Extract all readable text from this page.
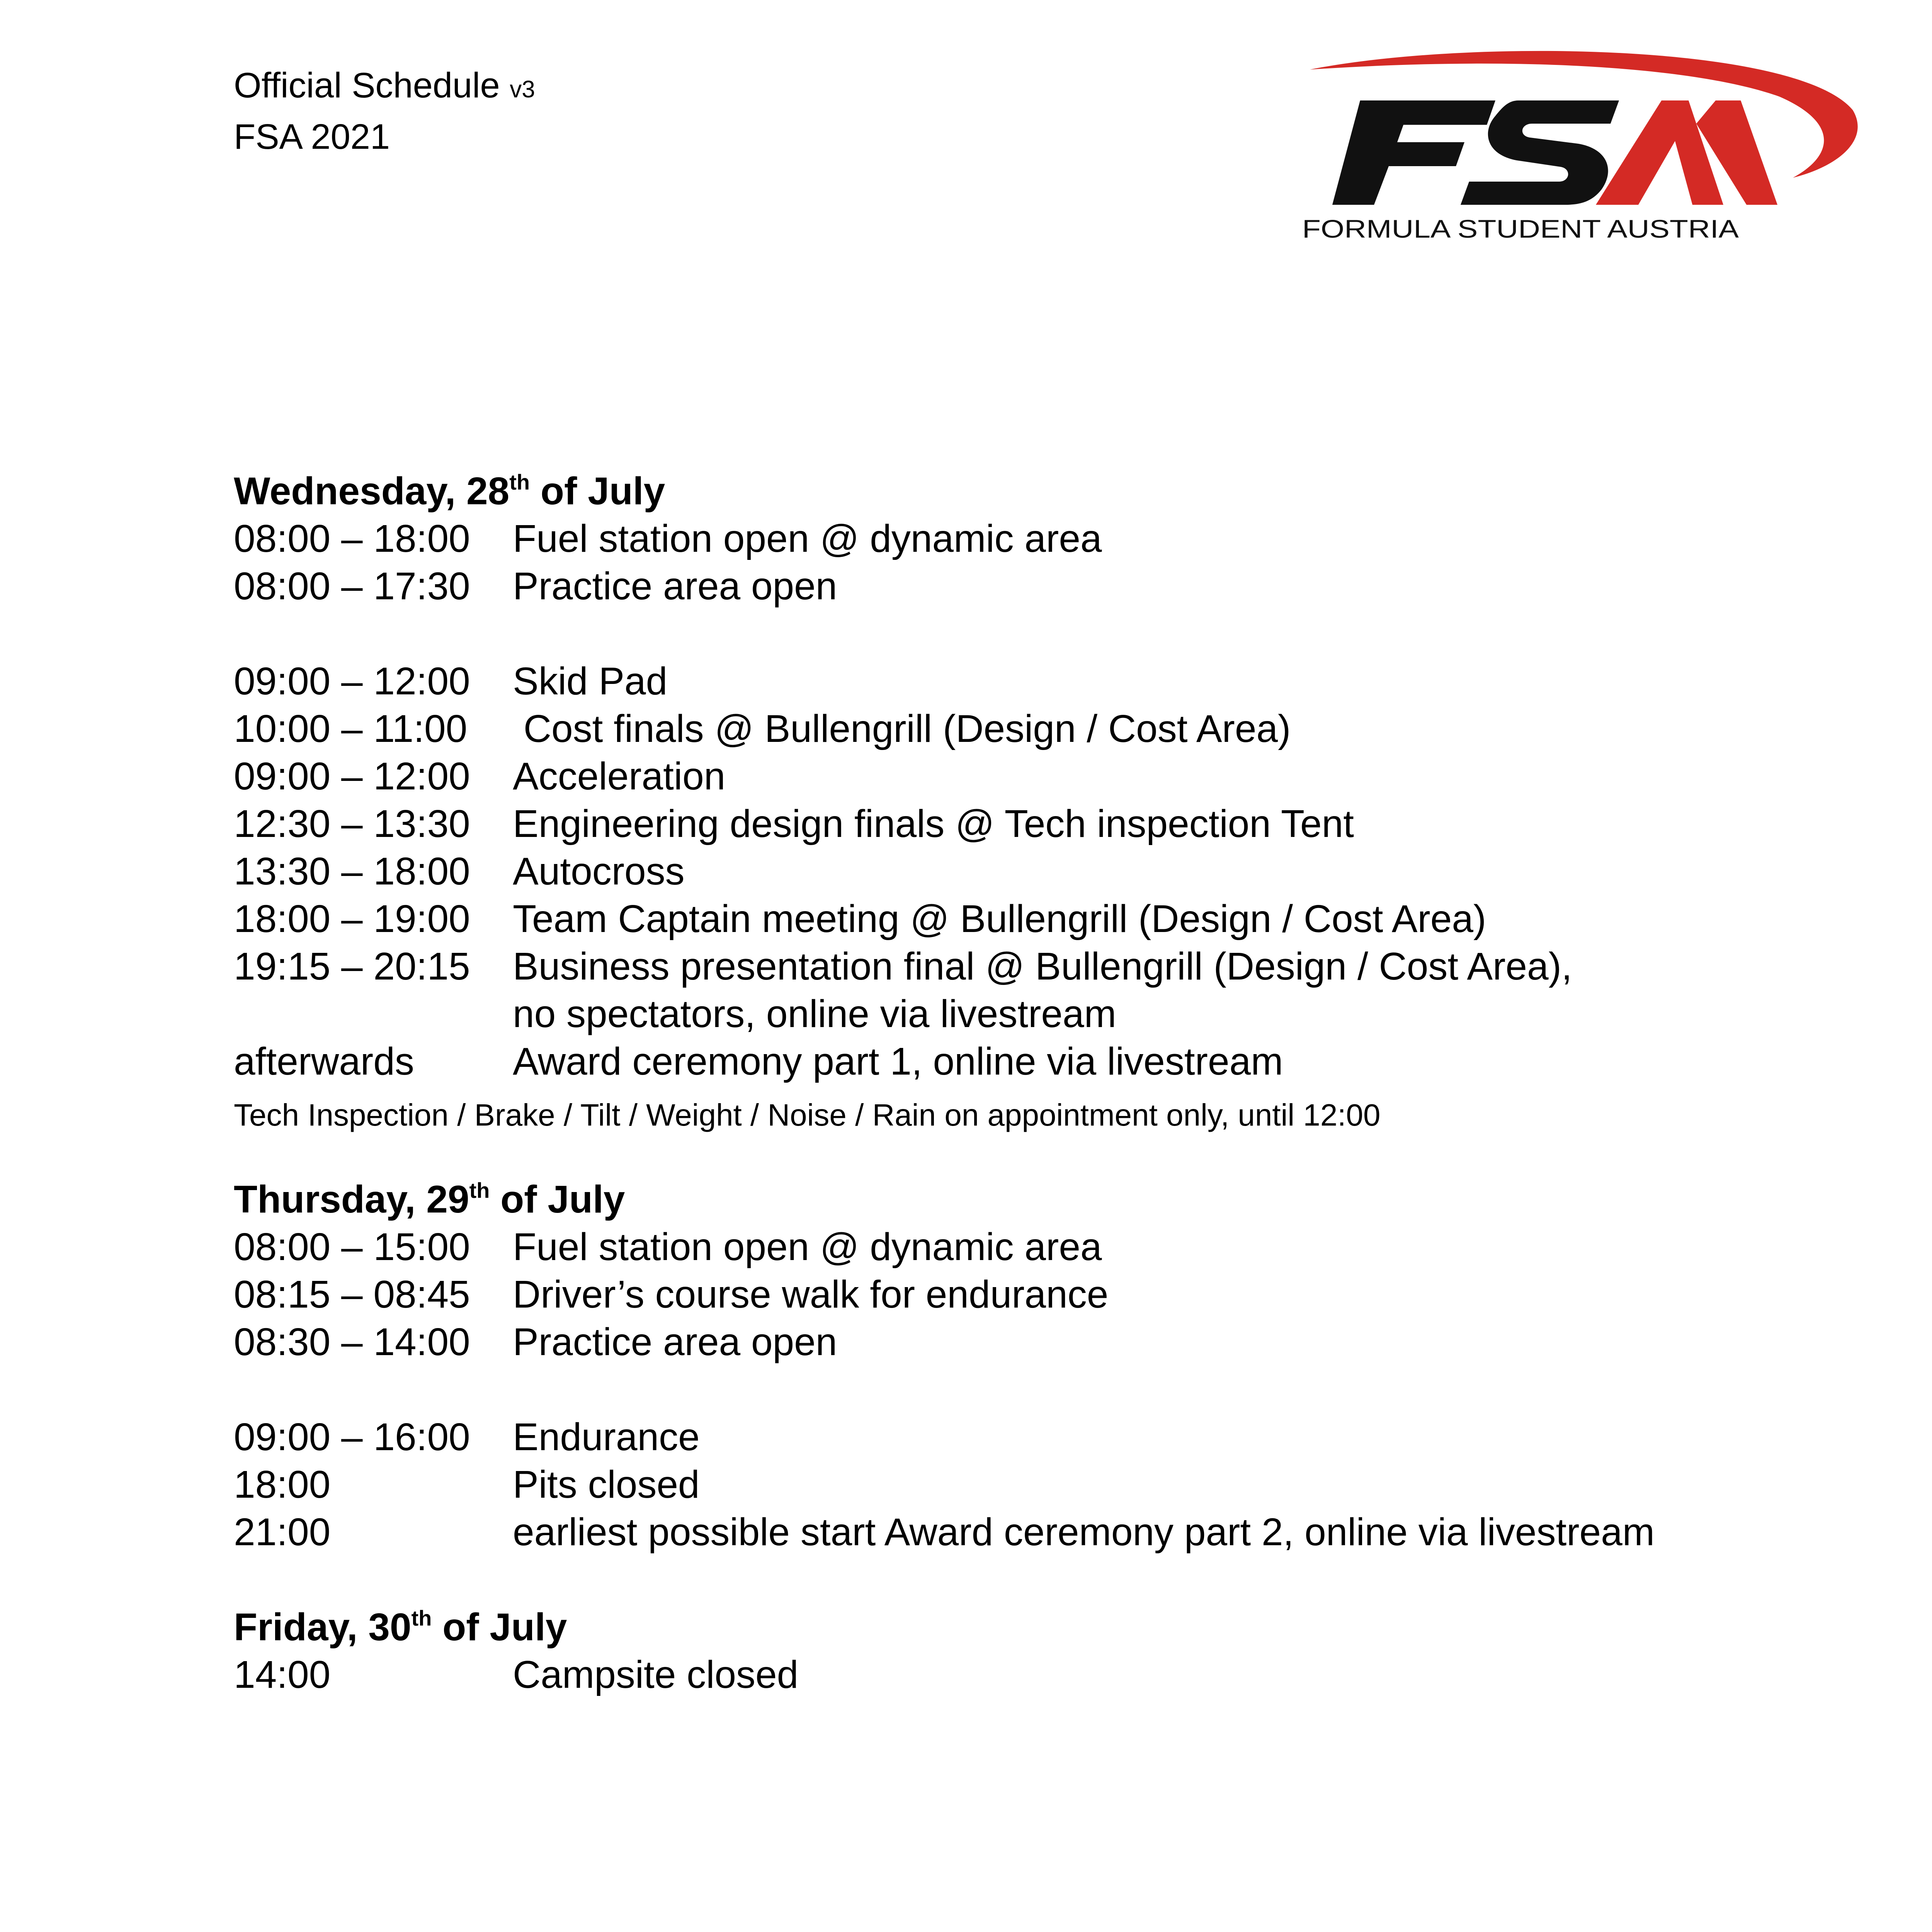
Official Schedule v3
FSA 2021
FORMULA STUDENT AUSTRIA
Wednesday, 28th of July
08:00 – 18:00	Fuel station open @ dynamic area
08:00 – 17:30	Practice area open
09:00 – 12:00	Skid Pad
10:00 – 11:00	Cost finals @ Bullengrill (Design / Cost Area)
09:00 – 12:00	Acceleration
12:30 – 13:30	Engineering design finals @ Tech inspection Tent
13:30 – 18:00	Autocross
18:00 – 19:00	Team Captain meeting @ Bullengrill (Design / Cost Area)
19:15 – 20:15	Business presentation final @ Bullengrill (Design / Cost Area),
no spectators, online via livestream
afterwards	Award ceremony part 1, online via livestream
Tech Inspection / Brake / Tilt / Weight / Noise / Rain on appointment only, until 12:00
Thursday, 29th of July
08:00 – 15:00	Fuel station open @ dynamic area
08:15 – 08:45	Driver’s course walk for endurance
08:30 – 14:00	Practice area open
09:00 – 16:00	Endurance
18:00	Pits closed
21:00	earliest possible start Award ceremony part 2, online via livestream
Friday, 30th of July
14:00	Campsite closed
